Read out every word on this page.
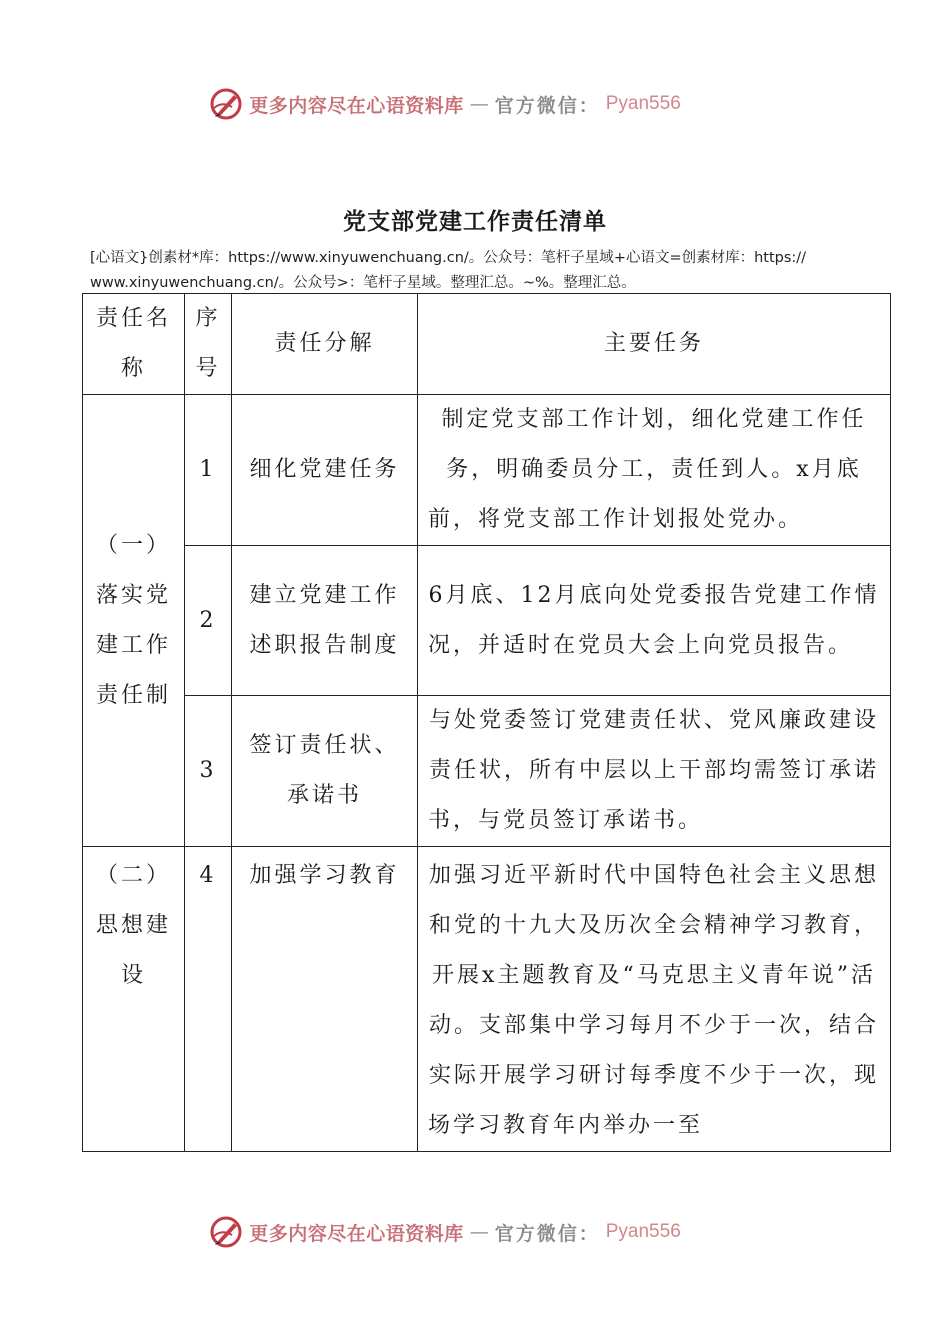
更多内容尽在心语资料库 — 官方微信： Pyan556
党支部党建工作责任清单
[心语文}创素材*库：https://www.xinyuwenchuang.cn/。公众号：笔杆子星域+心语文=创素材库：https:// www.xinyuwenchuang.cn/。公众号>：笔杆子星域。整理汇总。~%。整理汇总。
责任名称	序号	责任分解	主要任务

（一）
落实党建工作责任制	1	细化党建任务	制定党支部工作计划，细化党建工作任务，明确委员分工，责任到人。x月底前，将党支部工作计划报处党办。
	2	建立党建工作述职报告制度	6月底、12月底向处党委报告党建工作情况，并适时在党员大会上向党员报告。
	3	签订责任状、承诺书	与处党委签订党建责任状、党风廉政建设责任状，所有中层以上干部均需签订承诺书，与党员签订承诺书。

（二）
思想建设	4	加强学习教育	加强习近平新时代中国特色社会主义思想和党的十九大及历次全会精神学习教育，开展x主题教育及“马克思主义青年说”活动。支部集中学习每月不少于一次，结合实际开展学习研讨每季度不少于一次，现场学习教育年内举办一至
更多内容尽在心语资料库 — 官方微信： Pyan556
